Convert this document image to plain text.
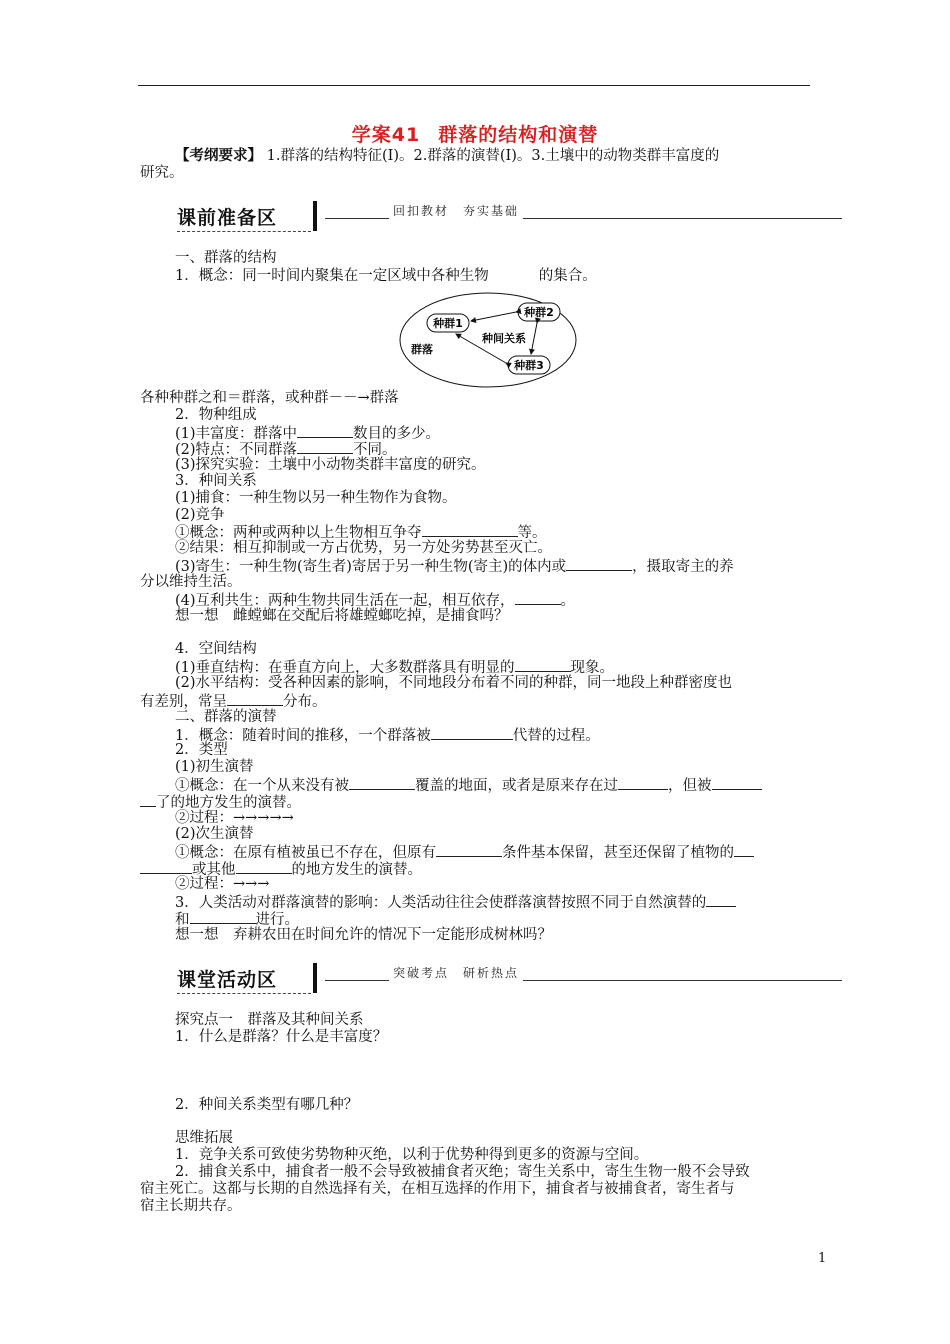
学案41 群落的结构和演替
【考纲要求】 1.群落的结构特征(Ⅰ)。2.群落的演替(Ⅰ)。3.土壤中的动物类群丰富度的
研究。
课前准备区	回扣教材　夯实基础
一、群落的结构
1．概念：同一时间内聚集在一定区域中各种生物	的集合。
种群1
种群2
种群3
种间关系
群落
各种种群之和＝群落，或种群－－→群落
2．物种组成
(1)丰富度：群落中	数目的多少。
(2)特点：不同群落	不同。
(3)探究实验：土壤中小动物类群丰富度的研究。
3．种间关系
(1)捕食：一种生物以另一种生物作为食物。
(2)竞争
①概念：两种或两种以上生物相互争夺	等。
②结果：相互抑制或一方占优势，另一方处劣势甚至灭亡。
(3)寄生：一种生物(寄生者)寄居于另一种生物(寄主)的体内或	，摄取寄主的养
分以维持生活。
(4)互利共生：两种生物共同生活在一起，相互依存，	。
想一想　雌螳螂在交配后将雄螳螂吃掉，是捕食吗？
4．空间结构
(1)垂直结构：在垂直方向上，大多数群落具有明显的	现象。
(2)水平结构：受各种因素的影响，不同地段分布着不同的种群，同一地段上种群密度也
有差别，常呈	分布。
二、群落的演替
1．概念：随着时间的推移，一个群落被	代替的过程。
2．类型
(1)初生演替
①概念：在一个从来没有被	覆盖的地面，或者是原来存在过	，但被
了的地方发生的演替。
②过程：→→→→→
(2)次生演替
①概念：在原有植被虽已不存在，但原有	条件基本保留，甚至还保留了植物的
或其他	的地方发生的演替。
②过程：→→→
3．人类活动对群落演替的影响：人类活动往往会使群落演替按照不同于自然演替的
和	进行。
想一想　弃耕农田在时间允许的情况下一定能形成树林吗？
课堂活动区	突破考点　研析热点
探究点一　群落及其种间关系
1．什么是群落？什么是丰富度？
2．种间关系类型有哪几种？
思维拓展
1．竞争关系可致使劣势物种灭绝，以利于优势种得到更多的资源与空间。
2．捕食关系中，捕食者一般不会导致被捕食者灭绝；寄生关系中，寄生生物一般不会导致
宿主死亡。这都与长期的自然选择有关，在相互选择的作用下，捕食者与被捕食者，寄生者与
宿主长期共存。
1
